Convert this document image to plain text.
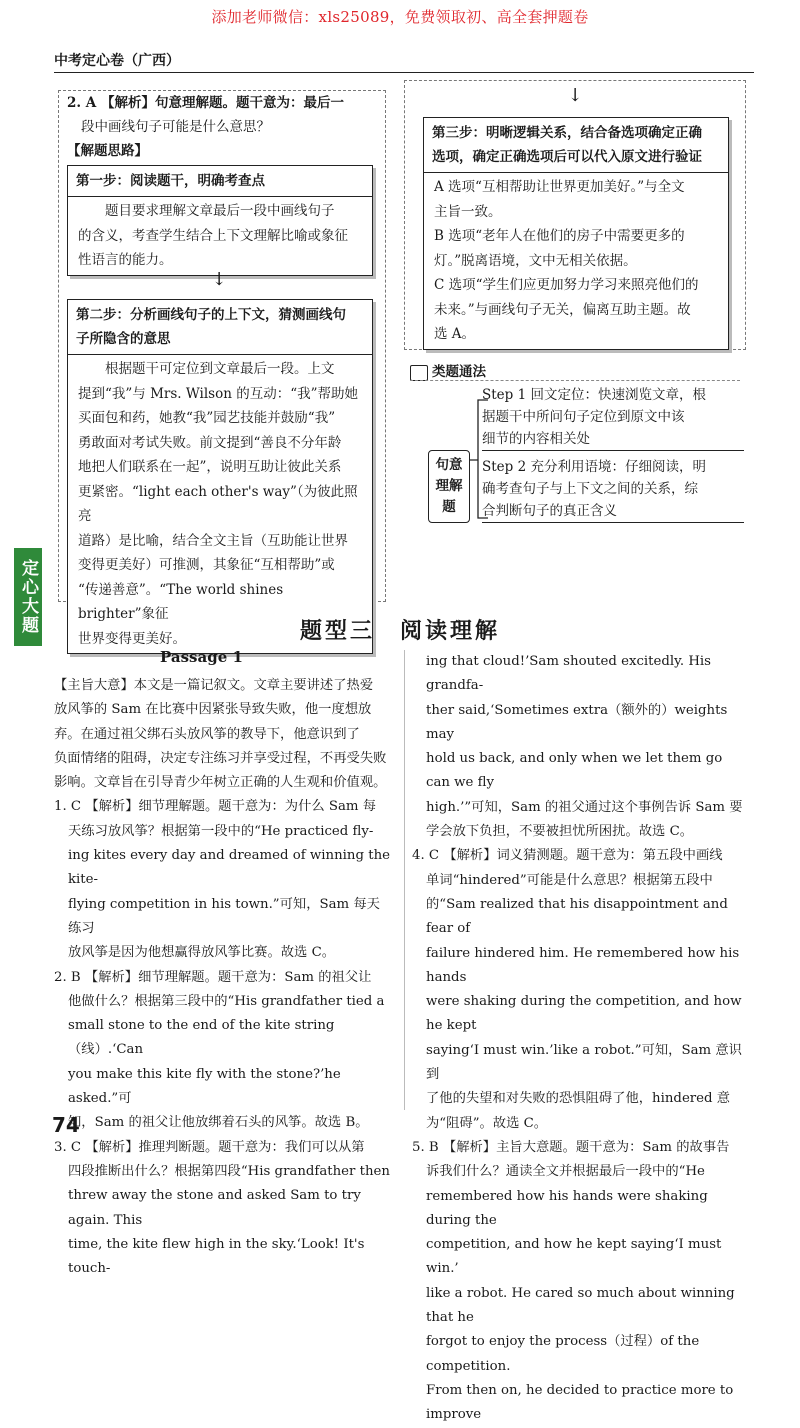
添加老师微信：xls25089，免费领取初、高全套押题卷
中考定心卷（广西）
定心大题
2. A 【解析】句意理解题。题干意为：最后一
段中画线句子可能是什么意思？
【解题思路】
第一步：阅读题干，明确考查点
题目要求理解文章最后一段中画线句子
的含义，考查学生结合上下文理解比喻或象征
性语言的能力。
↓
第二步：分析画线句子的上下文，猜测画线句
子所隐含的意思
根据题干可定位到文章最后一段。上文
提到“我”与 Mrs. Wilson 的互动：“我”帮助她
买面包和药，她教“我”园艺技能并鼓励“我”
勇敢面对考试失败。前文提到“善良不分年龄
地把人们联系在一起”，说明互助让彼此关系
更紧密。“light each other's way”（为彼此照亮
道路）是比喻，结合全文主旨（互助能让世界
变得更美好）可推测，其象征“互相帮助”或
“传递善意”。“The world shines brighter”象征
世界变得更美好。
↓
第三步：明晰逻辑关系，结合备选项确定正确
选项，确定正确选项后可以代入原文进行验证
A 选项“互相帮助让世界更加美好。”与全文
主旨一致。
B 选项“老年人在他们的房子中需要更多的
灯。”脱离语境，文中无相关依据。
C 选项“学生们应更加努力学习来照亮他们的
未来。”与画线句子无关，偏离互助主题。故
选 A。
类题通法
句意
理解
题
Step 1 回文定位：快速浏览文章，根
据题干中所问句子定位到原文中该
细节的内容相关处
Step 2 充分利用语境：仔细阅读，明
确考查句子与上下文之间的关系，综
合判断句子的真正含义
题型三　阅读理解
Passage 1
【主旨大意】本文是一篇记叙文。文章主要讲述了热爱
放风筝的 Sam 在比赛中因紧张导致失败，他一度想放
弃。在通过祖父绑石头放风筝的教导下，他意识到了
负面情绪的阻碍，决定专注练习并享受过程，不再受失败
影响。文章旨在引导青少年树立正确的人生观和价值观。
1. C 【解析】细节理解题。题干意为：为什么 Sam 每
天练习放风筝？根据第一段中的“He practiced fly-
ing kites every day and dreamed of winning the kite-
flying competition in his town.”可知，Sam 每天练习
放风筝是因为他想赢得放风筝比赛。故选 C。
2. B 【解析】细节理解题。题干意为：Sam 的祖父让
他做什么？根据第三段中的“His grandfather tied a
small stone to the end of the kite string（线）.‘Can
you make this kite fly with the stone?’he asked.”可
知，Sam 的祖父让他放绑着石头的风筝。故选 B。
3. C 【解析】推理判断题。题干意为：我们可以从第
四段推断出什么？根据第四段“His grandfather then
threw away the stone and asked Sam to try again. This
time, the kite flew high in the sky.‘Look! It's touch-
ing that cloud!’Sam shouted excitedly. His grandfa-
ther said,‘Sometimes extra（额外的）weights may
hold us back, and only when we let them go can we fly
high.’”可知，Sam 的祖父通过这个事例告诉 Sam 要
学会放下负担，不要被担忧所困扰。故选 C。
4. C 【解析】词义猜测题。题干意为：第五段中画线
单词“hindered”可能是什么意思？根据第五段中
的“Sam realized that his disappointment and fear of
failure hindered him. He remembered how his hands
were shaking during the competition, and how he kept
saying‘I must win.’like a robot.”可知，Sam 意识到
了他的失望和对失败的恐惧阻碍了他，hindered 意
为“阻碍”。故选 C。
5. B 【解析】主旨大意题。题干意为：Sam 的故事告
诉我们什么？通读全文并根据最后一段中的“He
remembered how his hands were shaking during the
competition, and how he kept saying‘I must win.’
like a robot. He cared so much about winning that he
forgot to enjoy the process（过程）of the competition.
From then on, he decided to practice more to improve
74
